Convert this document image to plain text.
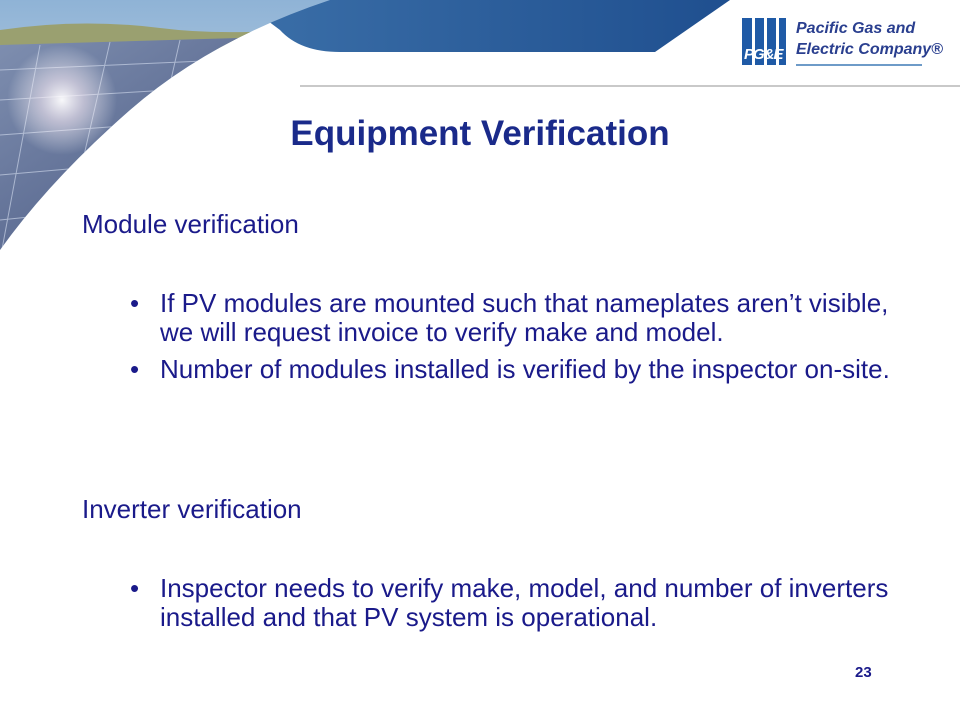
PG&E
Pacific Gas and
Electric Company®
Equipment Verification

Module verification

• If PV modules are mounted such that nameplates aren’t visible, we will request invoice to verify make and model.
• Number of modules installed is verified by the inspector on-site.

Inverter verification

• Inspector needs to verify make, model, and number of inverters installed and that PV system is operational.
23
